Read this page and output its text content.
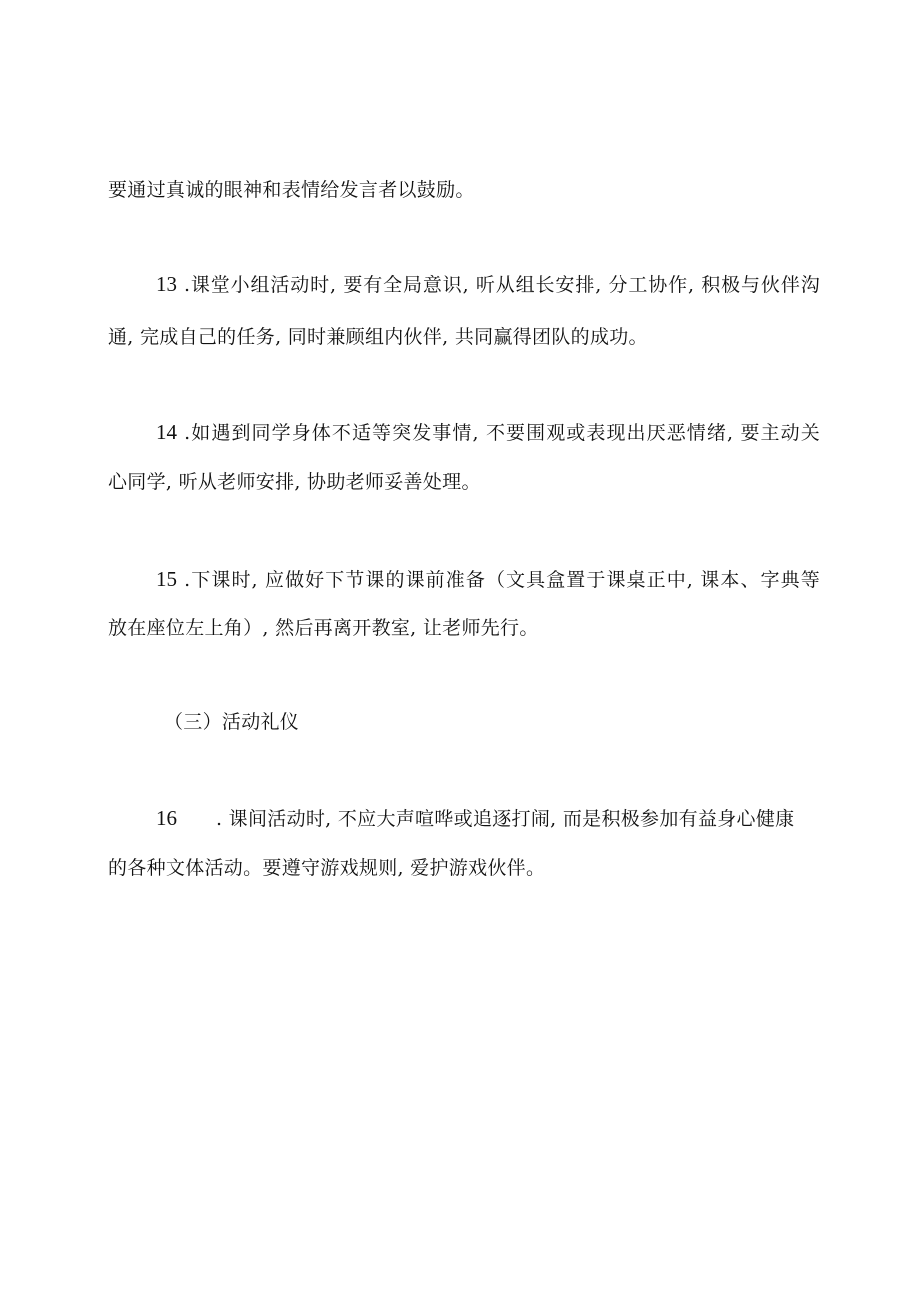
要通过真诚的眼神和表情给发言者以鼓励。
13 .课堂小组活动时, 要有全局意识, 听从组长安排, 分工协作, 积极与伙伴沟
通, 完成自己的任务, 同时兼顾组内伙伴, 共同赢得团队的成功。
14 .如遇到同学身体不适等突发事情, 不要围观或表现出厌恶情绪, 要主动关
心同学, 听从老师安排, 协助老师妥善处理。
15 .下课时, 应做好下节课的课前准备（文具盒置于课桌正中, 课本、字典等
放在座位左上角）, 然后再离开教室, 让老师先行。
（三）活动礼仪
16 . 课间活动时, 不应大声喧哗或追逐打闹, 而是积极参加有益身心健康
的各种文体活动。要遵守游戏规则, 爱护游戏伙伴。
